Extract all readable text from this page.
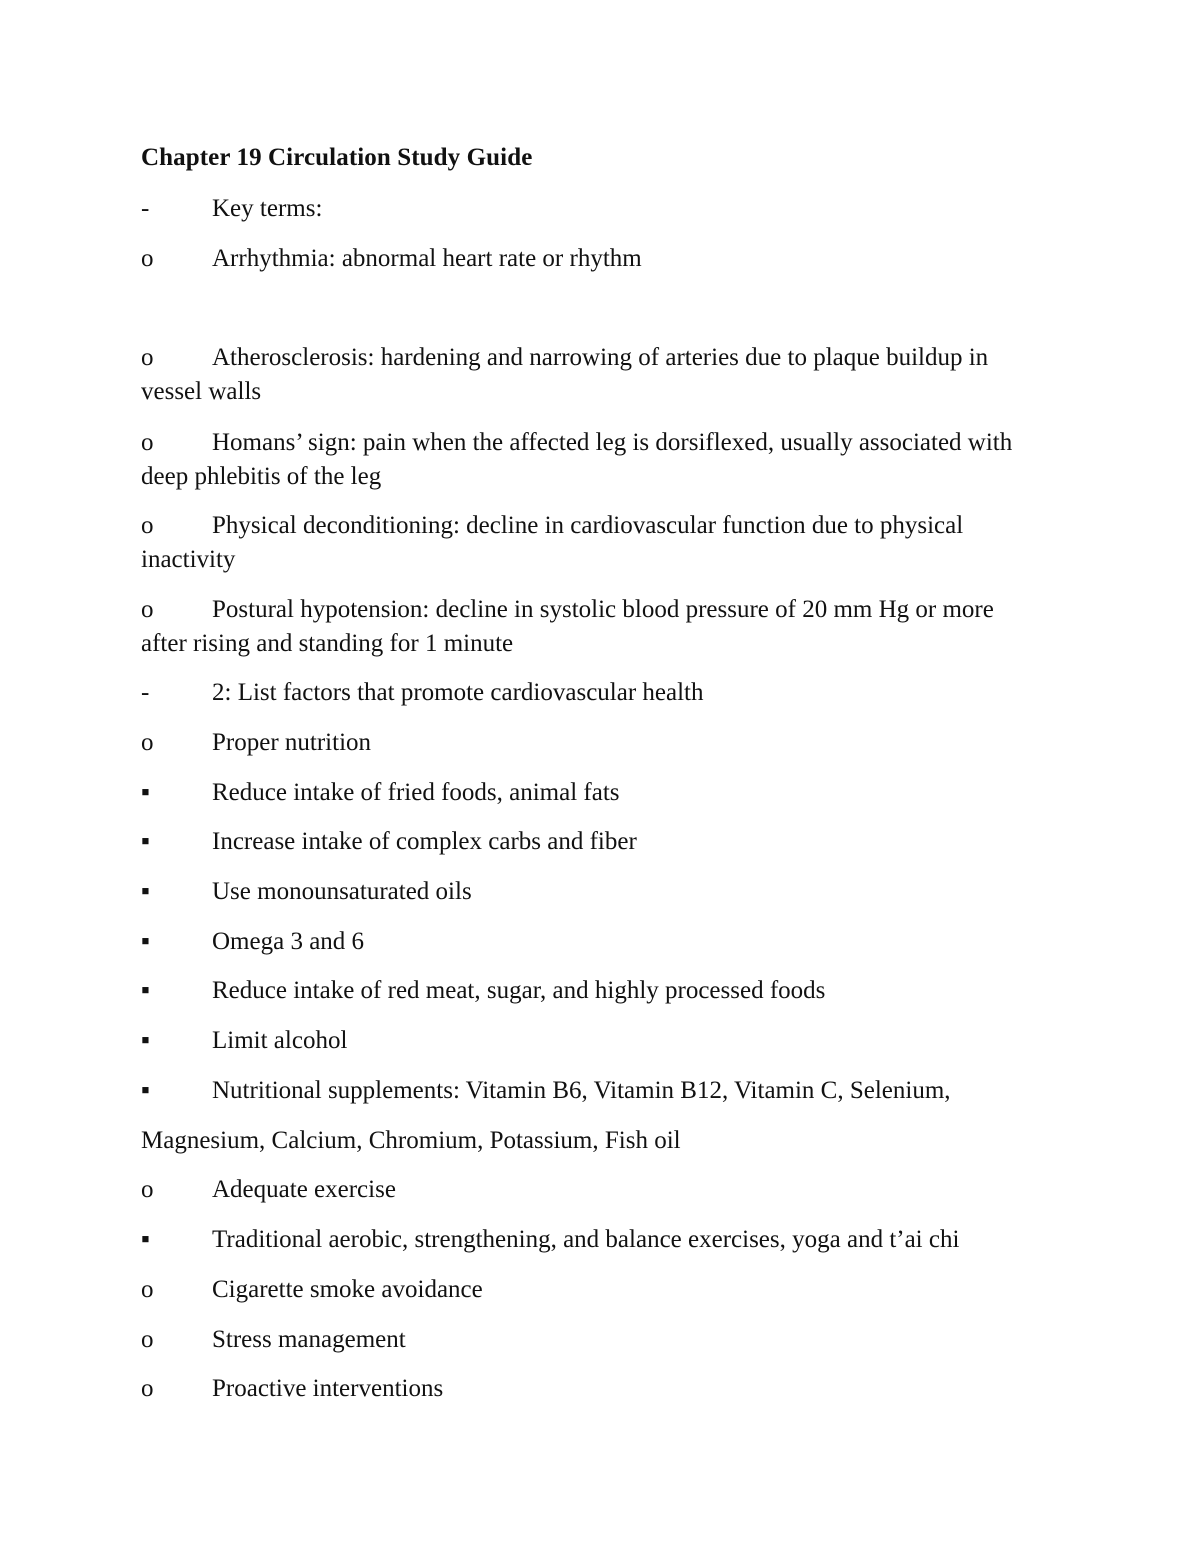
Chapter 19 Circulation Study Guide
-	Key terms:
o Arrhythmia: abnormal heart rate or rhythm
o Atherosclerosis: hardening and narrowing of arteries due to plaque buildup in vessel walls
o Homans’ sign: pain when the affected leg is dorsiflexed, usually associated with deep phlebitis of the leg
o Physical deconditioning: decline in cardiovascular function due to physical inactivity
o Postural hypotension: decline in systolic blood pressure of 20 mm Hg or more after rising and standing for 1 minute
-	2: List factors that promote cardiovascular health
o Proper nutrition
▪ Reduce intake of fried foods, animal fats
▪ Increase intake of complex carbs and fiber
▪ Use monounsaturated oils
▪ Omega 3 and 6
▪ Reduce intake of red meat, sugar, and highly processed foods
▪ Limit alcohol
▪ Nutritional supplements: Vitamin B6, Vitamin B12, Vitamin C, Selenium,
Magnesium, Calcium, Chromium, Potassium, Fish oil
o Adequate exercise
▪ Traditional aerobic, strengthening, and balance exercises, yoga and t’ai chi
o Cigarette smoke avoidance
o Stress management
o Proactive interventions
